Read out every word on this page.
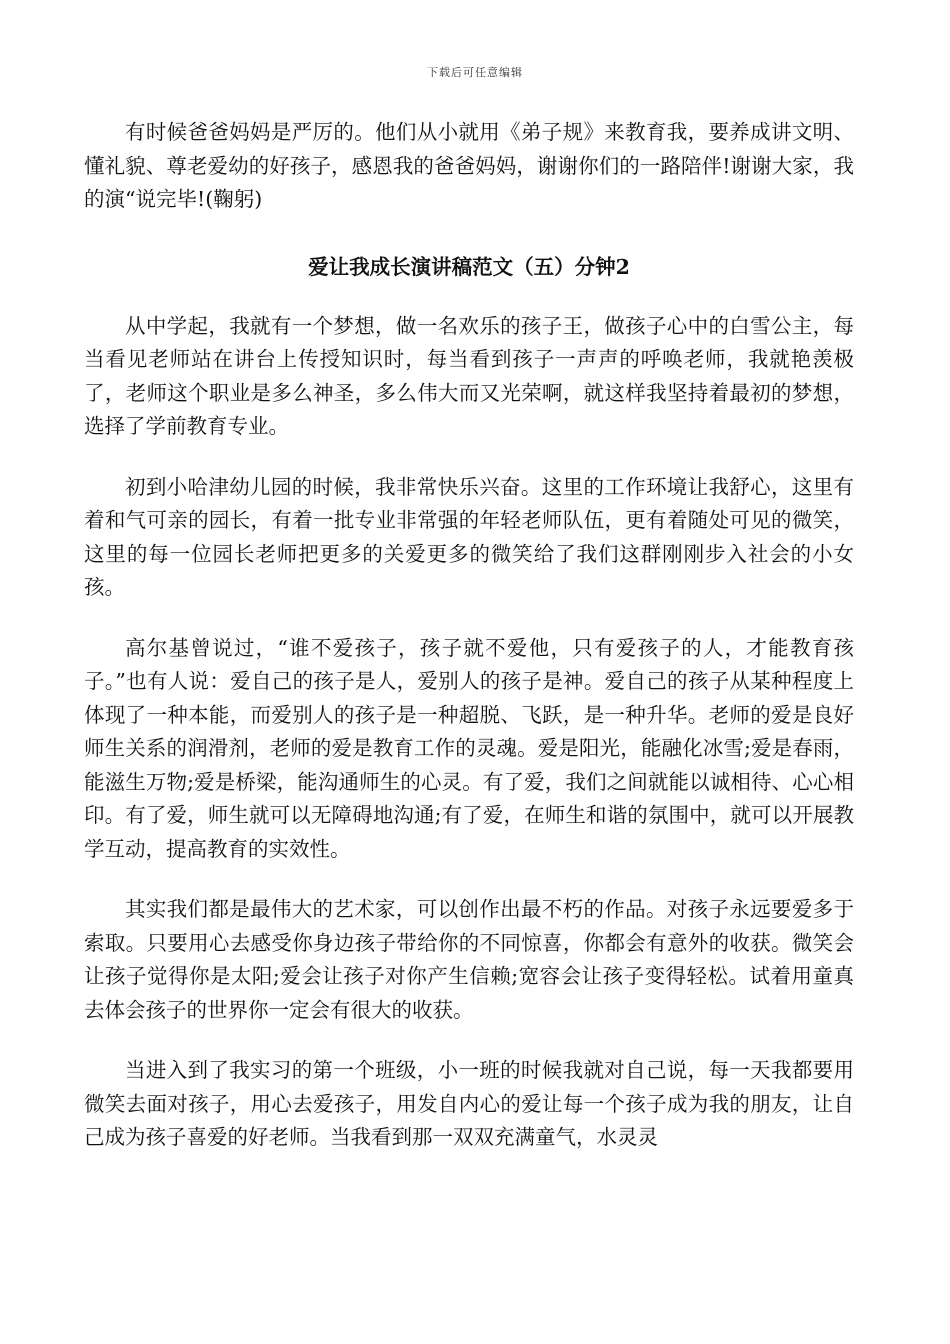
下载后可任意编辑

有时候爸爸妈妈是严厉的。他们从小就用《弟子规》来教育我，要养成讲文明、懂礼貌、尊老爱幼的好孩子，感恩我的爸爸妈妈，谢谢你们的一路陪伴!谢谢大家，我的演“说完毕!(鞠躬)

爱让我成长演讲稿范文（五）分钟2

从中学起，我就有一个梦想，做一名欢乐的孩子王，做孩子心中的白雪公主，每当看见老师站在讲台上传授知识时，每当看到孩子一声声的呼唤老师，我就艳羡极了，老师这个职业是多么神圣，多么伟大而又光荣啊，就这样我坚持着最初的梦想，选择了学前教育专业。

初到小哈津幼儿园的时候，我非常快乐兴奋。这里的工作环境让我舒心，这里有着和气可亲的园长，有着一批专业非常强的年轻老师队伍，更有着随处可见的微笑，这里的每一位园长老师把更多的关爱更多的微笑给了我们这群刚刚步入社会的小女孩。

高尔基曾说过，“谁不爱孩子，孩子就不爱他，只有爱孩子的人，才能教育孩子。”也有人说：爱自己的孩子是人，爱别人的孩子是神。爱自己的孩子从某种程度上体现了一种本能，而爱别人的孩子是一种超脱、飞跃，是一种升华。老师的爱是良好师生关系的润滑剂，老师的爱是教育工作的灵魂。爱是阳光，能融化冰雪;爱是春雨，能滋生万物;爱是桥梁，能沟通师生的心灵。有了爱，我们之间就能以诚相待、心心相印。有了爱，师生就可以无障碍地沟通;有了爱，在师生和谐的氛围中，就可以开展教学互动，提高教育的实效性。

其实我们都是最伟大的艺术家，可以创作出最不朽的作品。对孩子永远要爱多于索取。只要用心去感受你身边孩子带给你的不同惊喜，你都会有意外的收获。微笑会让孩子觉得你是太阳;爱会让孩子对你产生信赖;宽容会让孩子变得轻松。试着用童真去体会孩子的世界你一定会有很大的收获。

当进入到了我实习的第一个班级，小一班的时候我就对自己说，每一天我都要用微笑去面对孩子，用心去爱孩子，用发自内心的爱让每一个孩子成为我的朋友，让自己成为孩子喜爱的好老师。当我看到那一双双充满童气，水灵灵
